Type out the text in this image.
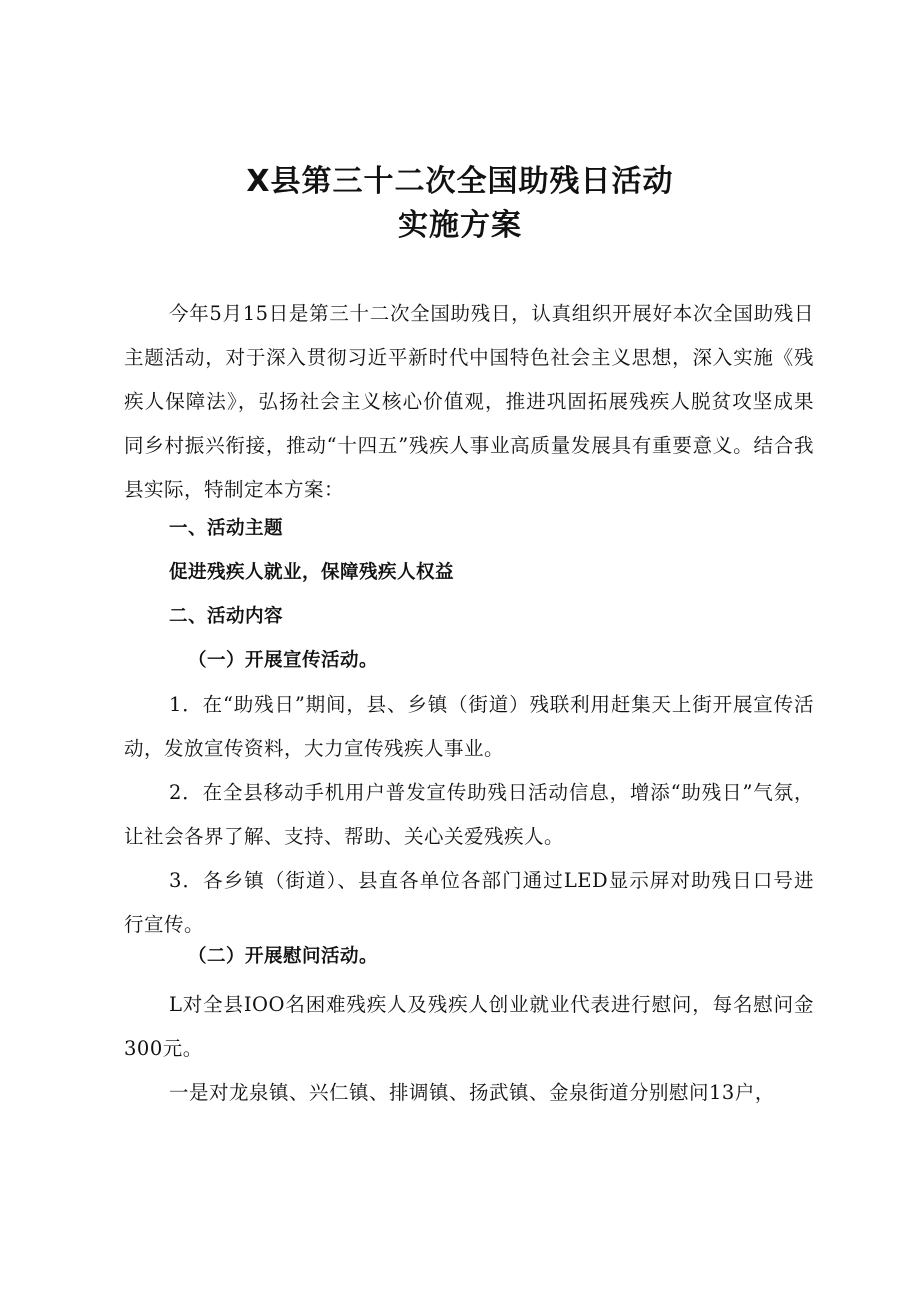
X县第三十二次全国助残日活动
实施方案

今年5月15日是第三十二次全国助残日，认真组织开展好本次全国助残日主题活动，对于深入贯彻习近平新时代中国特色社会主义思想，深入实施《残疾人保障法》，弘扬社会主义核心价值观，推进巩固拓展残疾人脱贫攻坚成果同乡村振兴衔接，推动“十四五”残疾人事业高质量发展具有重要意义。结合我县实际，特制定本方案：

一、活动主题

促进残疾人就业，保障残疾人权益

二、活动内容

（一）开展宣传活动。

1．在“助残日”期间，县、乡镇（街道）残联利用赶集天上街开展宣传活动，发放宣传资料，大力宣传残疾人事业。

2．在全县移动手机用户普发宣传助残日活动信息，增添“助残日”气氛，让社会各界了解、支持、帮助、关心关爱残疾人。

3．各乡镇（街道）、县直各单位各部门通过LED显示屏对助残日口号进行宣传。

（二）开展慰问活动。

L对全县IOO名困难残疾人及残疾人创业就业代表进行慰问，每名慰问金300元。

一是对龙泉镇、兴仁镇、排调镇、扬武镇、金泉街道分别慰问13户，
